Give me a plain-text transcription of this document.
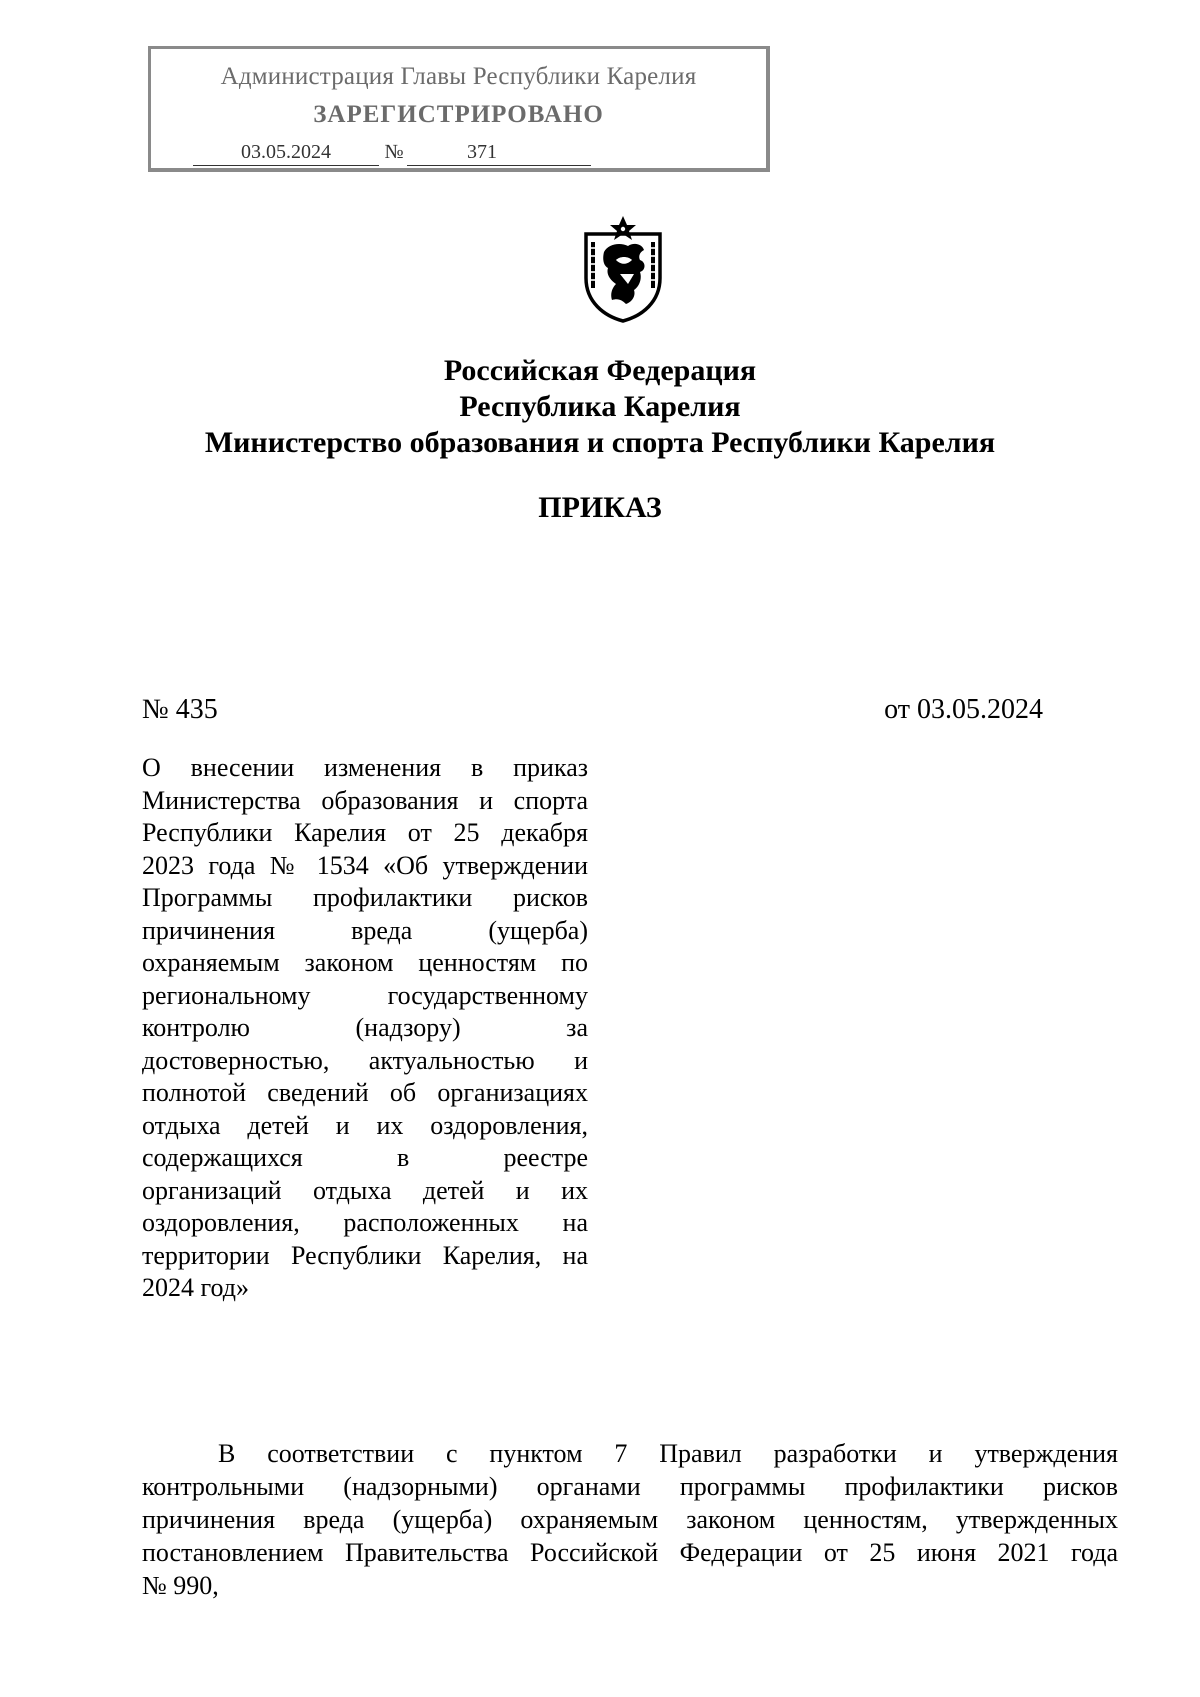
Администрация Главы Республики Карелия
ЗАРЕГИСТРИРОВАНО
03.05.2024	№	371
Российская Федерация
Республика Карелия
Министерство образования и спорта Республики Карелия
ПРИКАЗ
№ 435	от 03.05.2024
О внесении изменения в приказ
Министерства образования и спорта
Республики Карелия от 25 декабря
2023 года № 1534 «Об утверждении
Программы профилактики рисков
причинения вреда (ущерба)
охраняемым законом ценностям по
региональному государственному
контролю (надзору) за
достоверностью, актуальностью и
полнотой сведений об организациях
отдыха детей и их оздоровления,
содержащихся в реестре
организаций отдыха детей и их
оздоровления, расположенных на
территории Республики Карелия, на
2024 год»
В соответствии с пунктом 7 Правил разработки и утверждения
контрольными (надзорными) органами программы профилактики рисков
причинения вреда (ущерба) охраняемым законом ценностям, утвержденных
постановлением Правительства Российской Федерации от 25 июня 2021 года
№ 990,
